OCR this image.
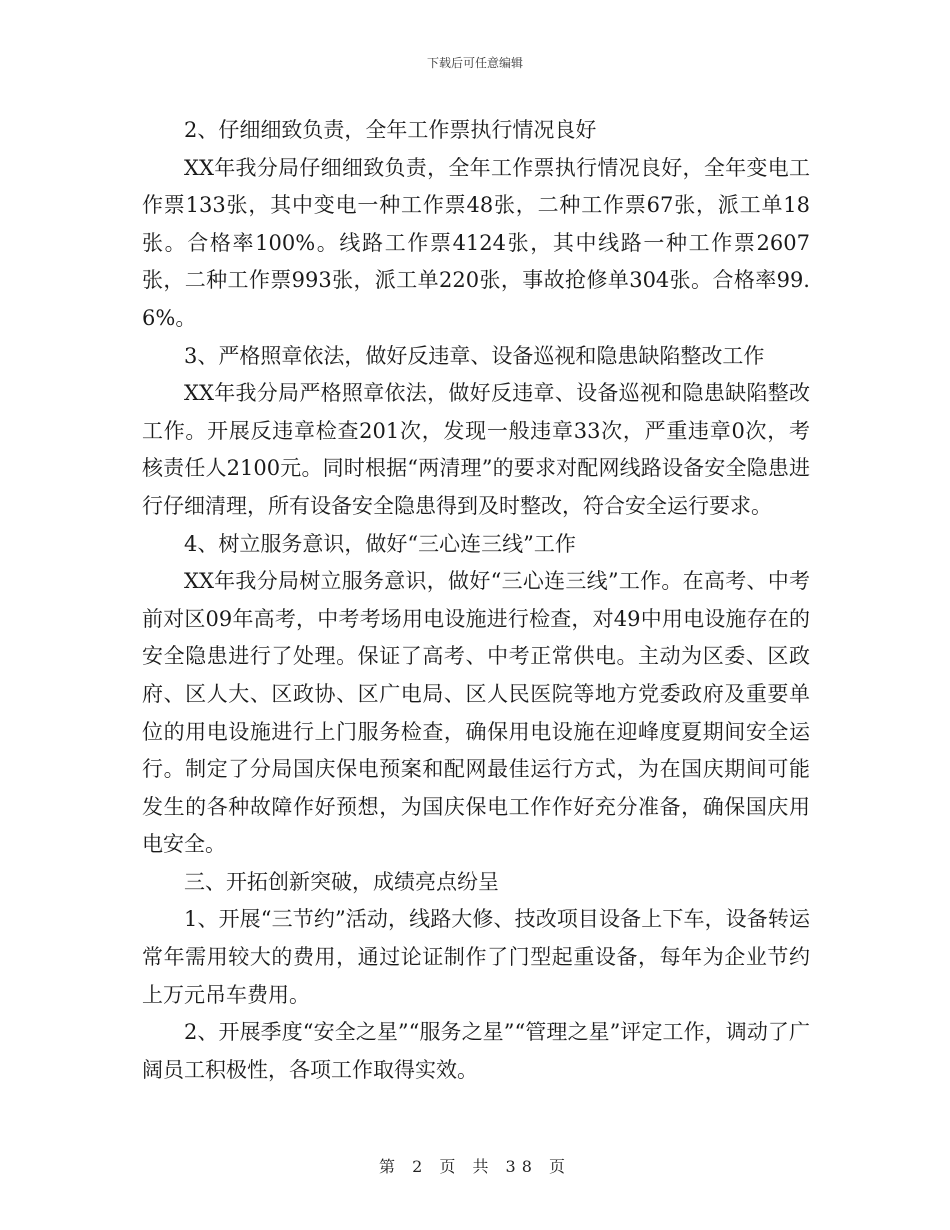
下载后可任意编辑

2、仔细细致负责，全年工作票执行情况良好

XX年我分局仔细细致负责，全年工作票执行情况良好，全年变电工作票133张，其中变电一种工作票48张，二种工作票67张，派工单18张。合格率100%。线路工作票4124张，其中线路一种工作票2607张，二种工作票993张，派工单220张，事故抢修单304张。合格率99.6%。

3、严格照章依法，做好反违章、设备巡视和隐患缺陷整改工作

XX年我分局严格照章依法，做好反违章、设备巡视和隐患缺陷整改工作。开展反违章检查201次，发现一般违章33次，严重违章0次，考核责任人2100元。同时根据“两清理”的要求对配网线路设备安全隐患进行仔细清理，所有设备安全隐患得到及时整改，符合安全运行要求。

4、树立服务意识，做好“三心连三线”工作

XX年我分局树立服务意识，做好“三心连三线”工作。在高考、中考前对区09年高考，中考考场用电设施进行检查，对49中用电设施存在的安全隐患进行了处理。保证了高考、中考正常供电。主动为区委、区政府、区人大、区政协、区广电局、区人民医院等地方党委政府及重要单位的用电设施进行上门服务检查，确保用电设施在迎峰度夏期间安全运行。制定了分局国庆保电预案和配网最佳运行方式，为在国庆期间可能发生的各种故障作好预想，为国庆保电工作作好充分准备，确保国庆用电安全。

三、开拓创新突破，成绩亮点纷呈

1、开展“三节约”活动，线路大修、技改项目设备上下车，设备转运常年需用较大的费用，通过论证制作了门型起重设备，每年为企业节约上万元吊车费用。

2、开展季度“安全之星”“服务之星”“管理之星”评定工作，调动了广阔员工积极性，各项工作取得实效。

第 2 页 共 38 页
